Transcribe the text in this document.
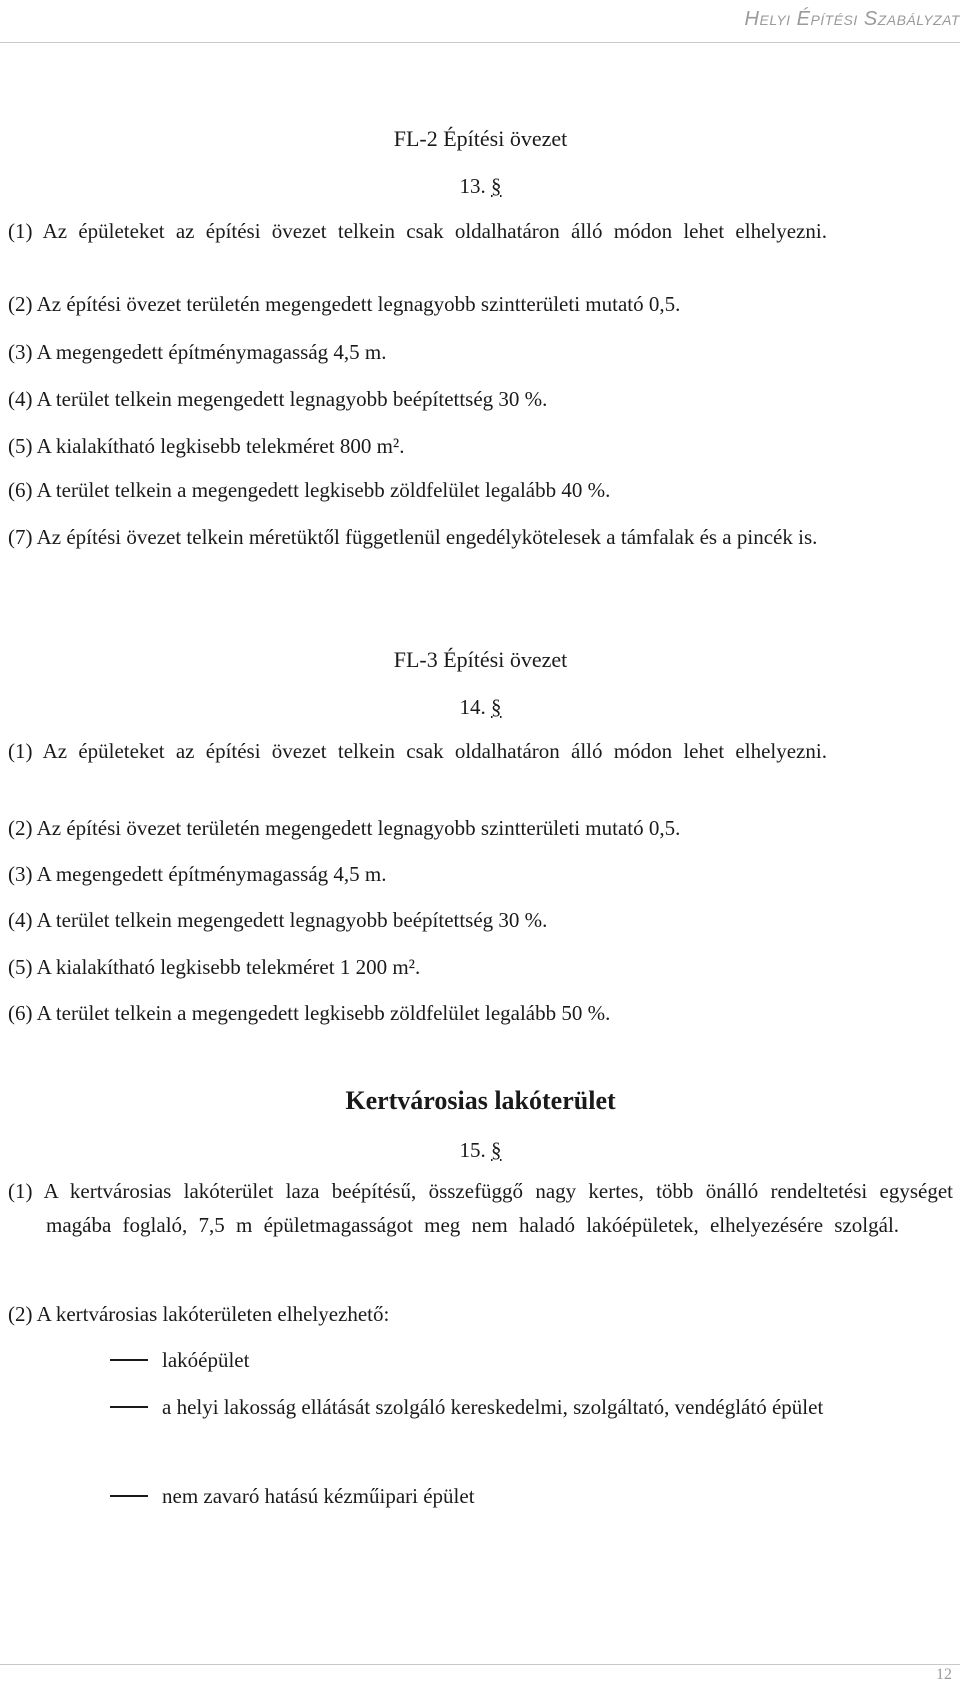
Helyi Építési Szabályzat
FL-2 Építési övezet
13. §
(1) Az épületeket az építési övezet telkein csak oldalhatáron álló módon lehet elhelyezni.
(2) Az építési övezet területén megengedett legnagyobb szintterületi mutató 0,5.
(3) A megengedett építménymagasság 4,5 m.
(4) A terület telkein megengedett legnagyobb beépítettség 30 %.
(5) A kialakítható legkisebb telekméret 800 m².
(6) A terület telkein a megengedett legkisebb zöldfelület legalább 40 %.
(7) Az építési övezet telkein méretüktől függetlenül engedélykötelesek a támfalak és a pincék is.
FL-3 Építési övezet
14. §
(1) Az épületeket az építési övezet telkein csak oldalhatáron álló módon lehet elhelyezni.
(2) Az építési övezet területén megengedett legnagyobb szintterületi mutató 0,5.
(3) A megengedett építménymagasság 4,5 m.
(4) A terület telkein megengedett legnagyobb beépítettség 30 %.
(5) A kialakítható legkisebb telekméret 1 200 m².
(6) A terület telkein a megengedett legkisebb zöldfelület legalább 50 %.
Kertvárosias lakóterület
15. §
(1) A kertvárosias lakóterület laza beépítésű, összefüggő nagy kertes, több önálló rendeltetési egységet magába foglaló, 7,5 m épületmagasságot meg nem haladó lakóépületek, elhelyezésére szolgál.
(2) A kertvárosias lakóterületen elhelyezhető:
lakóépület
a helyi lakosság ellátását szolgáló kereskedelmi, szolgáltató, vendéglátó épület
nem zavaró hatású kézműipari épület
12
